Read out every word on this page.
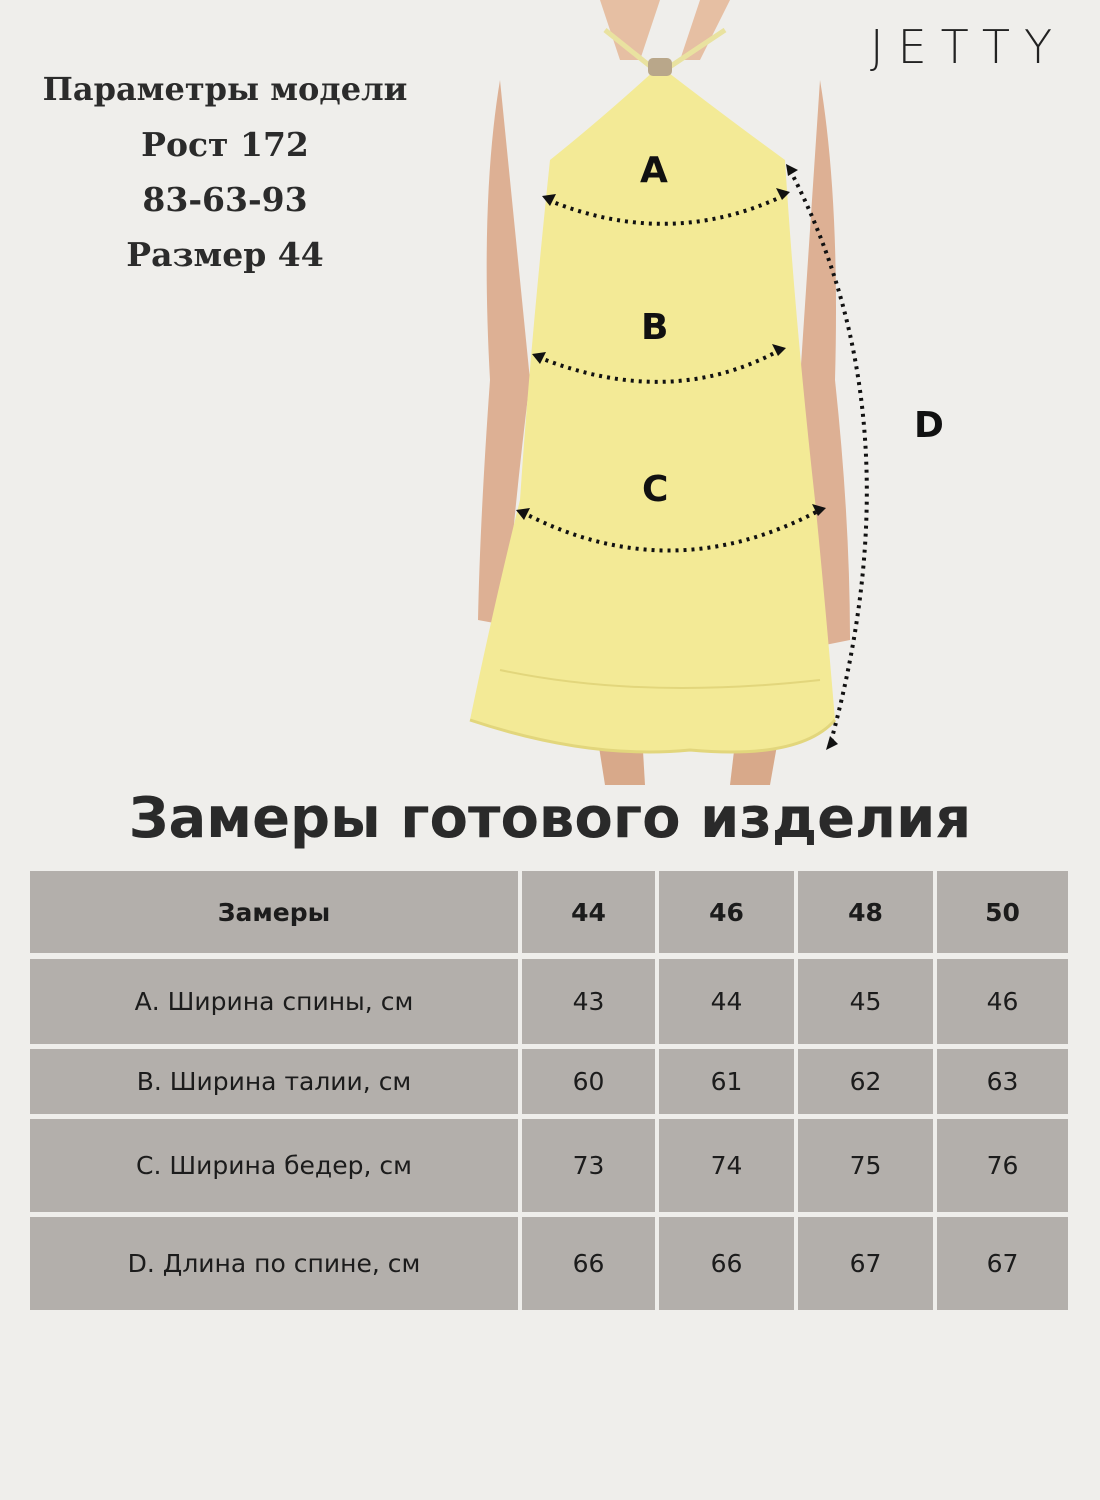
Параметры модели
Рост 172
83-63-93
Размер 44
JETTY
A
B
C
D
Замеры готового изделия
Замеры	44	46	48	50
А. Ширина спины, см	43	44	45	46
B. Ширина талии, см	60	61	62	63
C. Ширина бедер, см	73	74	75	76
D. Длина по спине, см	66	66	67	67
